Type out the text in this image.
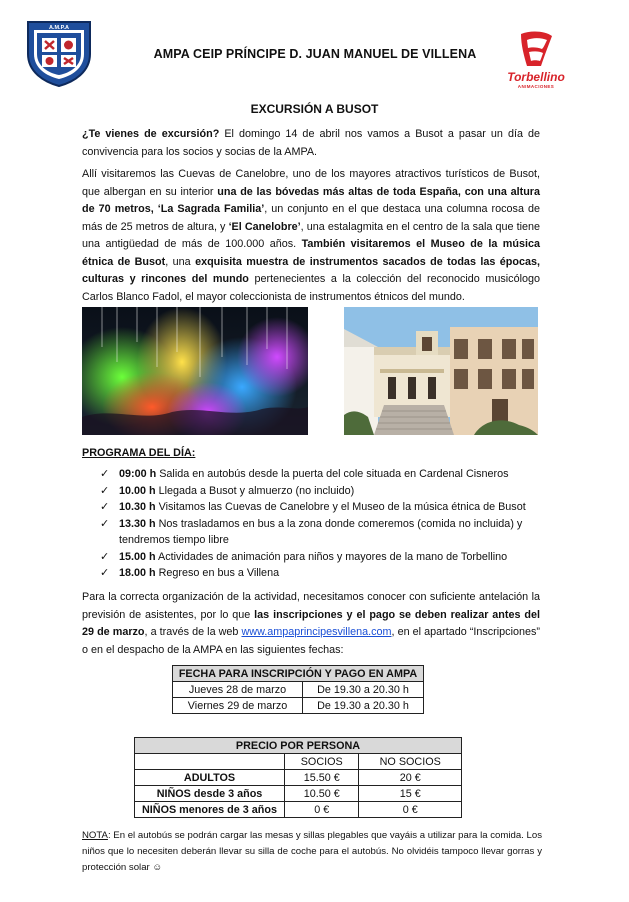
A.M.P.A
AMPA CEIP PRÍNCIPE D. JUAN MANUEL DE VILLENA
Torbellino
ANIMACIONES
EXCURSIÓN A BUSOT

¿Te vienes de excursión? El domingo 14 de abril nos vamos a Busot a pasar un día de convivencia para los socios y socias de la AMPA.

Allí visitaremos las Cuevas de Canelobre, uno de los mayores atractivos turísticos de Busot, que albergan en su interior una de las bóvedas más altas de toda España, con una altura de 70 metros, ‘La Sagrada Familia’, un conjunto en el que destaca una columna rocosa de más de 25 metros de altura, y ‘El Canelobre’, una estalagmita en el centro de la sala que tiene una antigüedad de más de 100.000 años. También visitaremos el Museo de la música étnica de Busot, una exquisita muestra de instrumentos sacados de todas las épocas, culturas y rincones del mundo pertenecientes a la colección del reconocido musicólogo Carlos Blanco Fadol, el mayor coleccionista de instrumentos étnicos del mundo.

PROGRAMA DEL DÍA:
✓ 09:00 h Salida en autobús desde la puerta del cole situada en Cardenal Cisneros
✓ 10.00 h Llegada a Busot y almuerzo (no incluido)
✓ 10.30 h Visitamos las Cuevas de Canelobre y el Museo de la música étnica de Busot
✓ 13.30 h Nos trasladamos en bus a la zona donde comeremos (comida no incluida) y tendremos tiempo libre
✓ 15.00 h Actividades de animación para niños y mayores de la mano de Torbellino
✓ 18.00 h Regreso en bus a Villena

Para la correcta organización de la actividad, necesitamos conocer con suficiente antelación la previsión de asistentes, por lo que las inscripciones y el pago se deben realizar antes del 29 de marzo, a través de la web www.ampaprincipesvillena.com, en el apartado “Inscripciones” o en el despacho de la AMPA en las siguientes fechas:

FECHA PARA INSCRIPCIÓN Y PAGO EN AMPA	
Jueves 28 de marzo	De 19.30 a 20.30 h
Viernes 29 de marzo	De 19.30 a 20.30 h
PRECIO POR PERSONA		
	SOCIOS	NO SOCIOS
ADULTOS	15.50 €	20 €
NIÑOS desde 3 años	10.50 €	15 €
NIÑOS menores de 3 años	0 €	0 €

NOTA: En el autobús se podrán cargar las mesas y sillas plegables que vayáis a utilizar para la comida. Los niños que lo necesiten deberán llevar su silla de coche para el autobús. No olvidéis tampoco llevar gorras y protección solar ☺
